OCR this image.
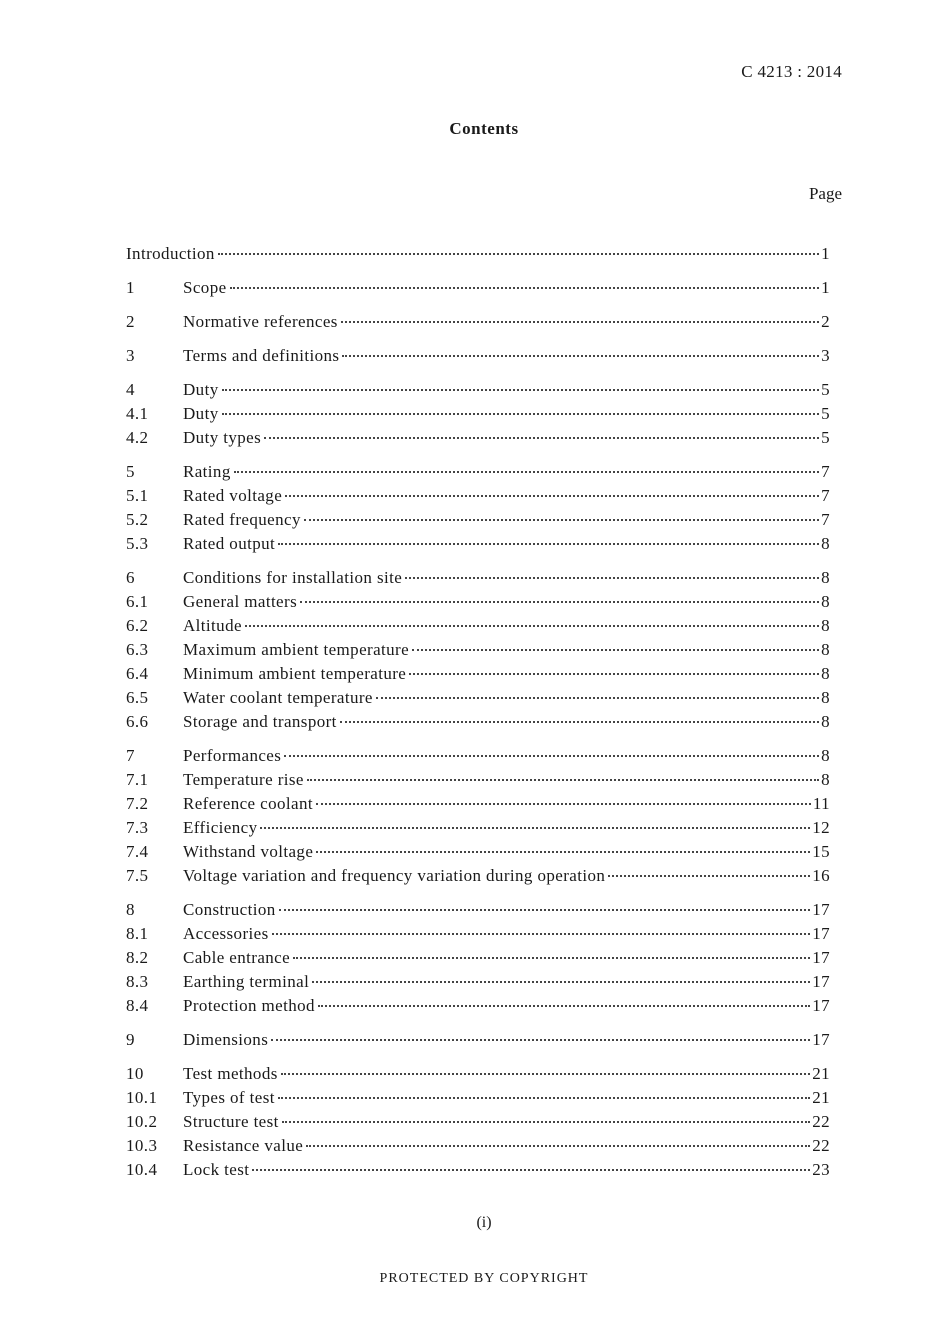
C 4213 : 2014
Contents
Page
Introduction	1
1	Scope	1
2	Normative references	2
3	Terms and definitions	3
4	Duty	5
4.1	Duty	5
4.2	Duty types	5
5	Rating	7
5.1	Rated voltage	7
5.2	Rated frequency	7
5.3	Rated output	8
6	Conditions for installation site	8
6.1	General matters	8
6.2	Altitude	8
6.3	Maximum ambient temperature	8
6.4	Minimum ambient temperature	8
6.5	Water coolant temperature	8
6.6	Storage and transport	8
7	Performances	8
7.1	Temperature rise	8
7.2	Reference coolant	11
7.3	Efficiency	12
7.4	Withstand voltage	15
7.5	Voltage variation and frequency variation during operation	16
8	Construction	17
8.1	Accessories	17
8.2	Cable entrance	17
8.3	Earthing terminal	17
8.4	Protection method	17
9	Dimensions	17
10	Test methods	21
10.1	Types of test	21
10.2	Structure test	22
10.3	Resistance value	22
10.4	Lock test	23
(i)
PROTECTED BY COPYRIGHT
